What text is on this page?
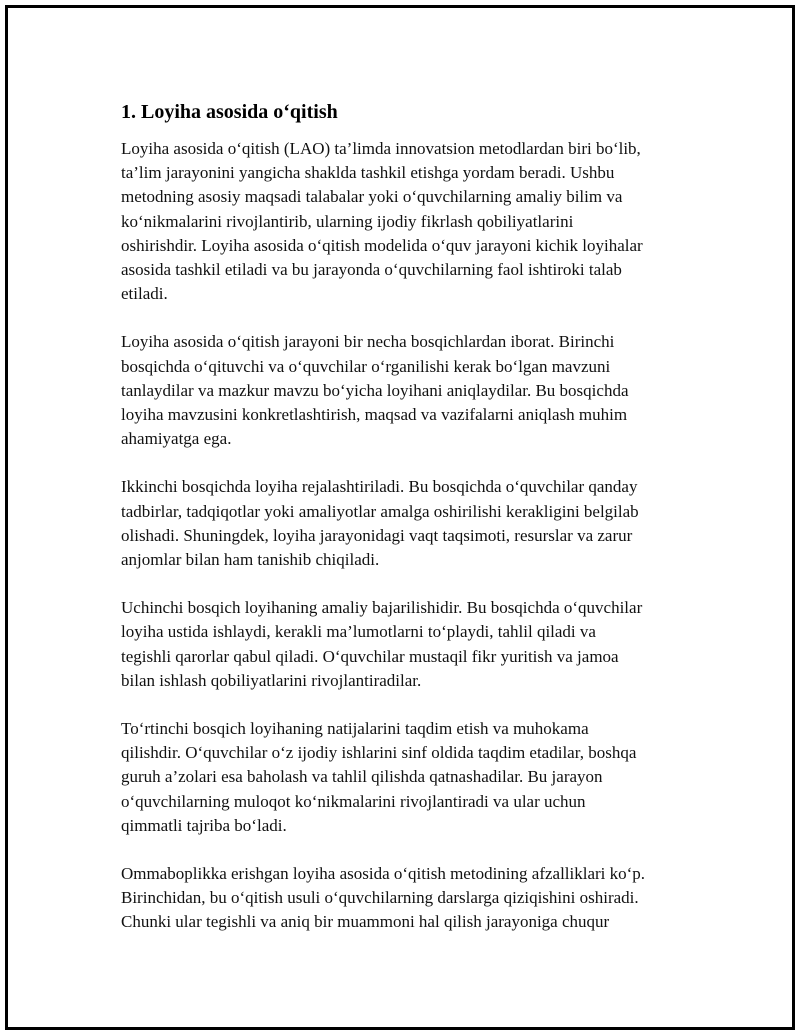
1. Loyiha asosida o‘qitish

Loyiha asosida o‘qitish (LAO) ta’limda innovatsion metodlardan biri bo‘lib,
ta’lim jarayonini yangicha shaklda tashkil etishga yordam beradi. Ushbu
metodning asosiy maqsadi talabalar yoki o‘quvchilarning amaliy bilim va
ko‘nikmalarini rivojlantirib, ularning ijodiy fikrlash qobiliyatlarini
oshirishdir. Loyiha asosida o‘qitish modelida o‘quv jarayoni kichik loyihalar
asosida tashkil etiladi va bu jarayonda o‘quvchilarning faol ishtiroki talab
etiladi.

Loyiha asosida o‘qitish jarayoni bir necha bosqichlardan iborat. Birinchi
bosqichda o‘qituvchi va o‘quvchilar o‘rganilishi kerak bo‘lgan mavzuni
tanlaydilar va mazkur mavzu bo‘yicha loyihani aniqlaydilar. Bu bosqichda
loyiha mavzusini konkretlashtirish, maqsad va vazifalarni aniqlash muhim
ahamiyatga ega.

Ikkinchi bosqichda loyiha rejalashtiriladi. Bu bosqichda o‘quvchilar qanday
tadbirlar, tadqiqotlar yoki amaliyotlar amalga oshirilishi kerakligini belgilab
olishadi. Shuningdek, loyiha jarayonidagi vaqt taqsimoti, resurslar va zarur
anjomlar bilan ham tanishib chiqiladi.

Uchinchi bosqich loyihaning amaliy bajarilishidir. Bu bosqichda o‘quvchilar
loyiha ustida ishlaydi, kerakli ma’lumotlarni to‘playdi, tahlil qiladi va
tegishli qarorlar qabul qiladi. O‘quvchilar mustaqil fikr yuritish va jamoa
bilan ishlash qobiliyatlarini rivojlantiradilar.

To‘rtinchi bosqich loyihaning natijalarini taqdim etish va muhokama
qilishdir. O‘quvchilar o‘z ijodiy ishlarini sinf oldida taqdim etadilar, boshqa
guruh a’zolari esa baholash va tahlil qilishda qatnashadilar. Bu jarayon
o‘quvchilarning muloqot ko‘nikmalarini rivojlantiradi va ular uchun
qimmatli tajriba bo‘ladi.

Ommaboplikka erishgan loyiha asosida o‘qitish metodining afzalliklari ko‘p.
Birinchidan, bu o‘qitish usuli o‘quvchilarning darslarga qiziqishini oshiradi.
Chunki ular tegishli va aniq bir muammoni hal qilish jarayoniga chuqur
